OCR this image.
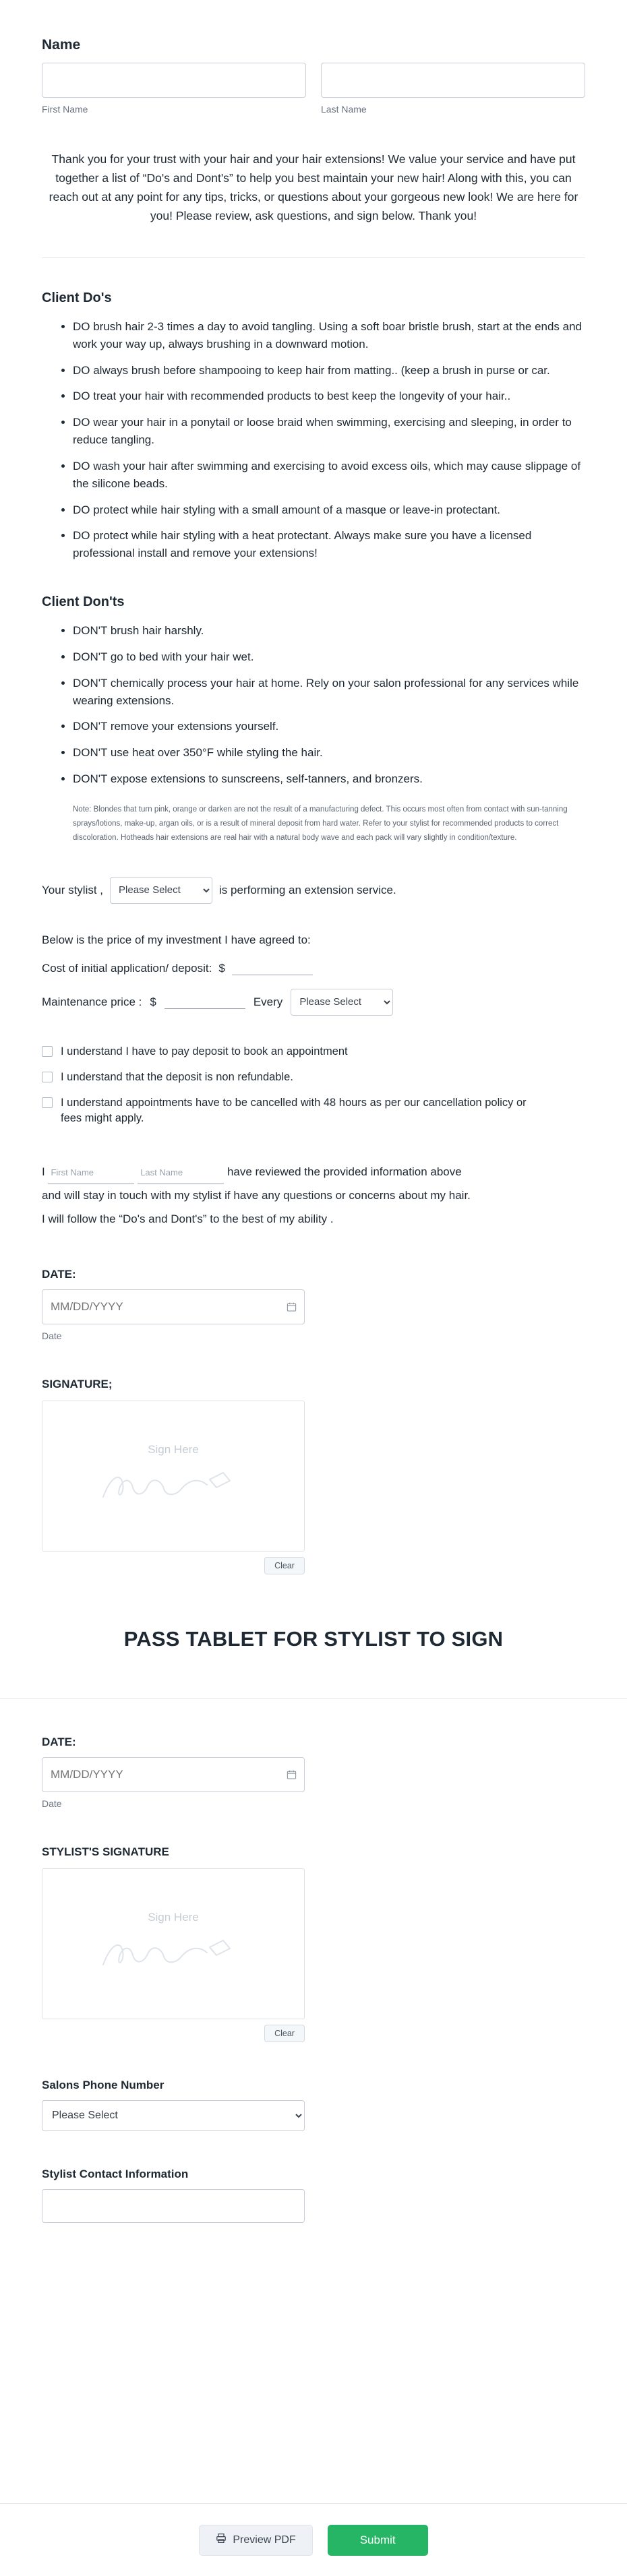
Name
First Name	Last Name

Thank you for your trust with your hair and your hair extensions! We value your service and have put together a list of “Do's and Dont's” to help you best maintain your new hair! Along with this, you can reach out at any point for any tips, tricks, or questions about your gorgeous new look! We are here for you! Please review, ask questions, and sign below. Thank you!

Client Do's
• DO brush hair 2-3 times a day to avoid tangling. Using a soft boar bristle brush, start at the ends and work your way up, always brushing in a downward motion.
• DO always brush before shampooing to keep hair from matting.. (keep a brush in purse or car.
• DO treat your hair with recommended products to best keep the longevity of your hair..
• DO wear your hair in a ponytail or loose braid when swimming, exercising and sleeping, in order to reduce tangling.
• DO wash your hair after swimming and exercising to avoid excess oils, which may cause slippage of the silicone beads.
• DO protect while hair styling with a small amount of a masque or leave-in protectant.
• DO protect while hair styling with a heat protectant. Always make sure you have a licensed professional install and remove your extensions!
Client Don'ts
• DON'T brush hair harshly.
• DON'T go to bed with your hair wet.
• DON'T chemically process your hair at home. Rely on your salon professional for any services while wearing extensions.
• DON'T remove your extensions yourself.
• DON'T use heat over 350°F while styling the hair.
• DON'T expose extensions to sunscreens, self-tanners, and bronzers.

Note: Blondes that turn pink, orange or darken are not the result of a manufacturing defect. This occurs most often from contact with sun-tanning sprays/lotions, make-up, argan oils, or is a result of mineral deposit from hard water. Refer to your stylist for recommended products to correct discoloration. Hotheads hair extensions are real hair with a natural body wave and each pack will vary slightly in condition/texture.

Your stylist ,
Please Select	is performing an extension service.
Below is the price of my investment I have agreed to:
Cost of initial application/ deposit: $
Maintenance price : $	Every
Please Select
I understand I have to pay deposit to book an appointment
I understand that the deposit is non refundable.
I understand appointments have to be cancelled with 48 hours as per our cancellation policy or fees might apply.
I First Name	Last Name	have reviewed the provided information above
and will stay in touch with my stylist if have any questions or concerns about my hair.
I will follow the “Do's and Dont's” to the best of my ability .
DATE:
MM/DD/YYYY
Date
SIGNATURE;
Sign Here
Clear
PASS TABLET FOR STYLIST TO SIGN
DATE:
MM/DD/YYYY
Date
STYLIST'S SIGNATURE
Sign Here
Clear
Salons Phone Number
Please Select
Stylist Contact Information
Preview PDF	Submit
